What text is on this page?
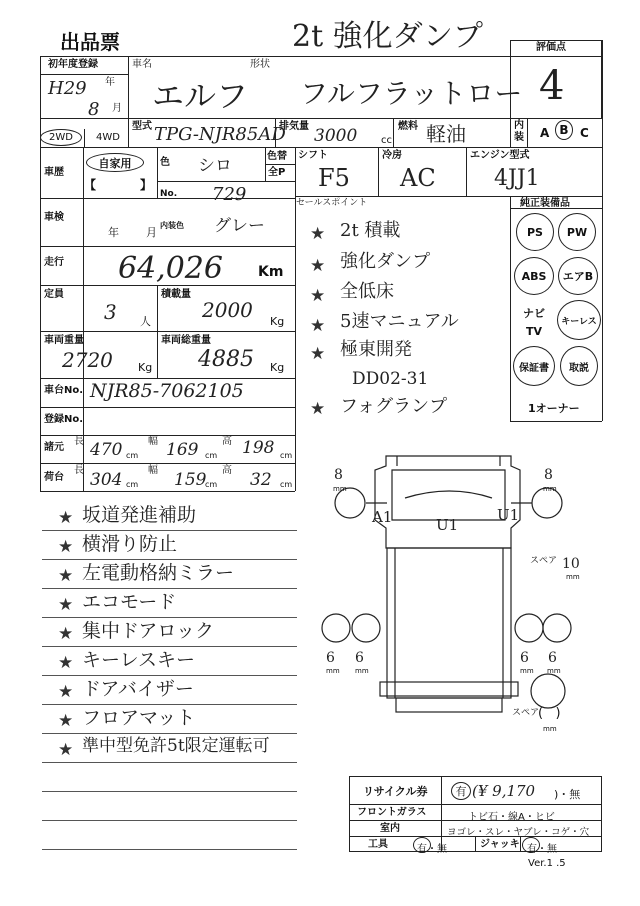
出品票
初年度登録
H29 年
8 月
2WD 4WD
2t 強化ダンプ
車名
エルフ
形状
フルフラットロー
評価点
4
型式 TPG-NJR85AD
排気量 3000 cc
燃料 軽油	内装 A B C
車歴
自家用
【	】
色 シロ	色替
全P
No. 729
内装色 グレー
車検
年 月
走行 64,026	Km
定員
3 人
積載量
2000 Kg
車両重量
2720 Kg
車両総重量
4885 Kg
車台No. NJR85-7062105
登録No.
諸元
長 470 cm
幅 169 cm
高 198 cm
荷台
長 304 cm
幅 159
cm
高 32 cm
シフト
F5
冷房
AC
エンジン型式
4JJ1
セールスポイント
★ 2t 積載
★ 強化ダンプ
★ 全低床
★ 5速マニュアル
★ 極東開発
DD02-31
★ フォグランプ
純正装備品
PS PW
ABS エアB
ナビ
TV
キーレス
保証書 取説
1オーナー
8
mm
8
mm
6
mm
6
mm
6
mm
6
mm
A1	U1
U1
スペア 10
mm
スペア
(   )
mm
★ 坂道発進補助
★ 横滑り防止
★ 左電動格納ミラー
★ エコモード
★ 集中ドアロック
★ キーレスキー
★ ドアバイザー
★ フロアマット
★ 準中型免許5t限定運転可
リサイクル券	有 (¥ 9,170 )・無
フロントガラス	トビ石・線A・ヒビ
室内	ヨゴレ・スレ・ヤブレ・コゲ・穴
工具	有・無	ジャッキ 有・無
Ver.1 .5
